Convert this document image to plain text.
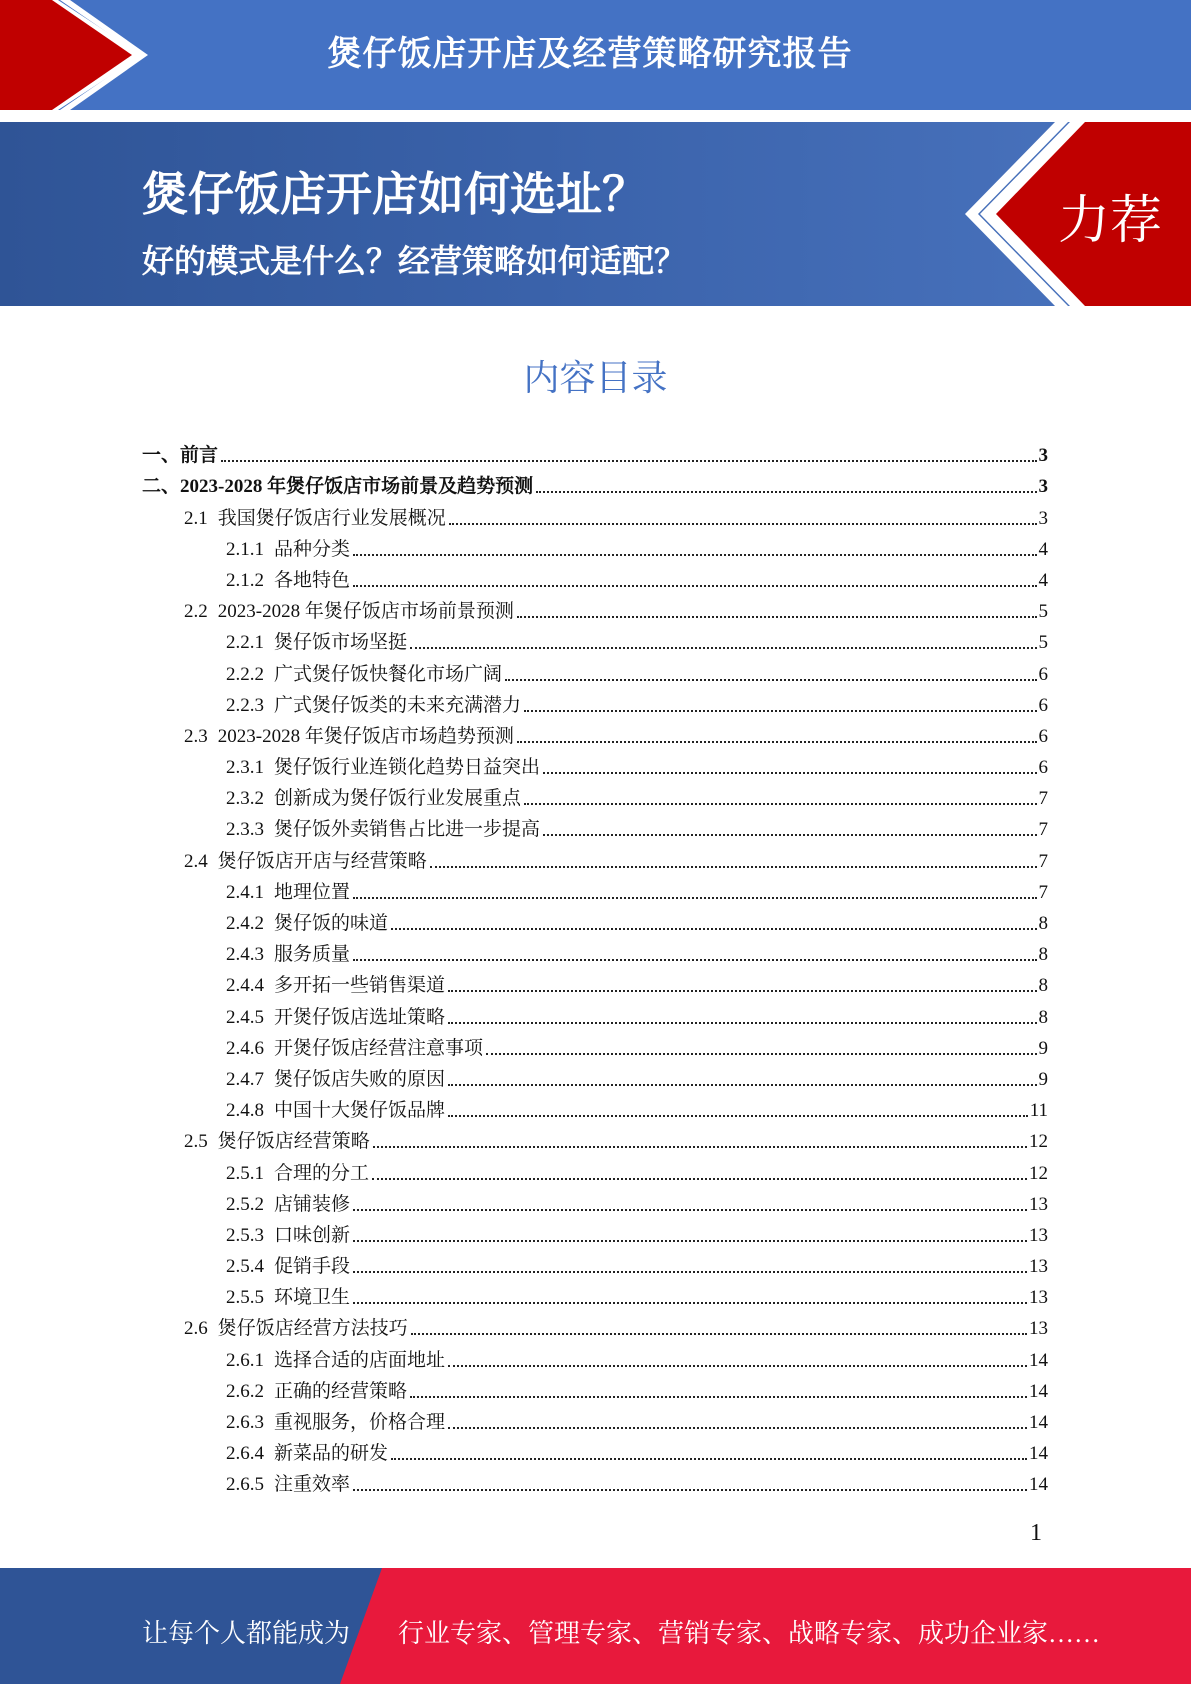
煲仔饭店开店及经营策略研究报告
煲仔饭店开店如何选址？
好的模式是什么？经营策略如何适配？
力荐
内容目录
一、 前言	3
二、 2023-2028 年煲仔饭店市场前景及趋势预测	3
2.1 我国煲仔饭店行业发展概况	3
2.1.1 品种分类	4
2.1.2 各地特色	4
2.2 2023-2028 年煲仔饭店市场前景预测	5
2.2.1 煲仔饭市场坚挺	5
2.2.2 广式煲仔饭快餐化市场广阔	6
2.2.3 广式煲仔饭类的未来充满潜力	6
2.3 2023-2028 年煲仔饭店市场趋势预测	6
2.3.1 煲仔饭行业连锁化趋势日益突出	6
2.3.2 创新成为煲仔饭行业发展重点	7
2.3.3 煲仔饭外卖销售占比进一步提高	7
2.4 煲仔饭店开店与经营策略	7
2.4.1 地理位置	7
2.4.2 煲仔饭的味道	8
2.4.3 服务质量	8
2.4.4 多开拓一些销售渠道	8
2.4.5 开煲仔饭店选址策略	8
2.4.6 开煲仔饭店经营注意事项	9
2.4.7 煲仔饭店失败的原因	9
2.4.8 中国十大煲仔饭品牌	11
2.5 煲仔饭店经营策略	12
2.5.1 合理的分工	12
2.5.2 店铺装修	13
2.5.3 口味创新	13
2.5.4 促销手段	13
2.5.5 环境卫生	13
2.6 煲仔饭店经营方法技巧	13
2.6.1 选择合适的店面地址	14
2.6.2 正确的经营策略	14
2.6.3 重视服务，价格合理	14
2.6.4 新菜品的研发	14
2.6.5 注重效率	14
1
让每个人都能成为 行业专家、管理专家、营销专家、战略专家、成功企业家……
